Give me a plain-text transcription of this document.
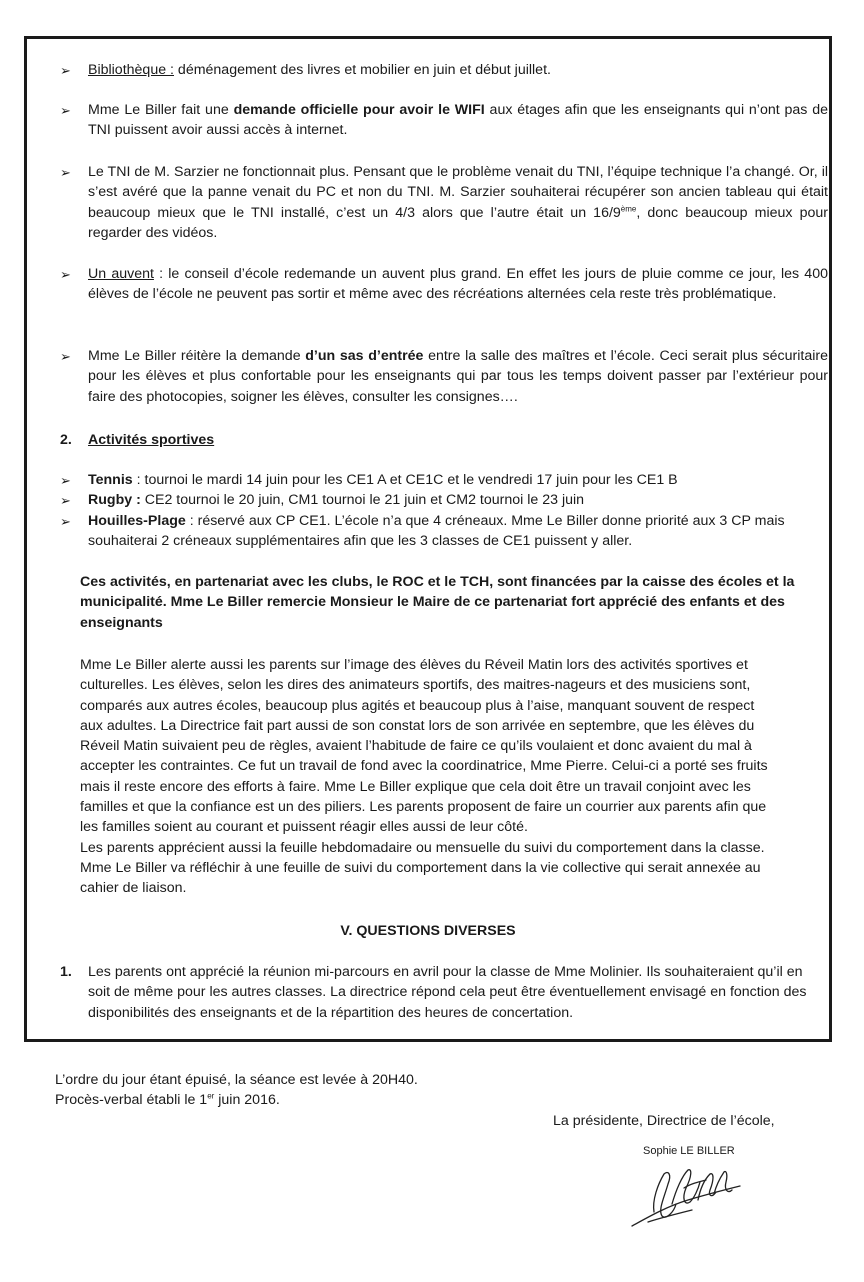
➢ Bibliothèque : déménagement des livres et mobilier en juin et début juillet.
➢ Mme Le Biller fait une demande officielle pour avoir le WIFI aux étages afin que les enseignants qui n’ont pas de TNI puissent avoir aussi accès à internet.
➢ Le TNI de M. Sarzier ne fonctionnait plus. Pensant que le problème venait du TNI, l’équipe technique l’a changé. Or, il s’est avéré que la panne venait du PC et non du TNI. M. Sarzier souhaiterai récupérer son ancien tableau qui était beaucoup mieux que le TNI installé, c’est un 4/3 alors que l’autre était un 16/9ème, donc beaucoup mieux pour regarder des vidéos.
➢ Un auvent : le conseil d’école redemande un auvent plus grand. En effet les jours de pluie comme ce jour, les 400 élèves de l’école ne peuvent pas sortir et même avec des récréations alternées cela reste très problématique.
➢ Mme Le Biller réitère la demande d’un sas d’entrée entre la salle des maîtres et l’école. Ceci serait plus sécuritaire pour les élèves et plus confortable pour les enseignants qui par tous les temps doivent passer par l’extérieur pour faire des photocopies, soigner les élèves, consulter les consignes….
2. Activités sportives
➢ Tennis : tournoi le mardi 14 juin pour les CE1 A et CE1C et le vendredi 17 juin pour les CE1 B
➢ Rugby : CE2 tournoi le 20 juin, CM1 tournoi le 21 juin et CM2 tournoi le 23 juin
➢ Houilles-Plage : réservé aux CP CE1. L’école n’a que 4 créneaux. Mme Le Biller donne priorité aux 3 CP mais souhaiterai 2 créneaux supplémentaires afin que les 3 classes de CE1 puissent y aller.
Ces activités, en partenariat avec les clubs, le ROC et le TCH, sont financées par la caisse des écoles et la municipalité. Mme Le Biller remercie Monsieur le Maire de ce partenariat fort apprécié des enfants et des enseignants
Mme Le Biller alerte aussi les parents sur l’image des élèves du Réveil Matin lors des activités sportives et
culturelles. Les élèves, selon les dires des animateurs sportifs, des maitres-nageurs et des musiciens sont,
comparés aux autres écoles, beaucoup plus agités et beaucoup plus à l’aise, manquant souvent de respect
aux adultes. La Directrice fait part aussi de son constat lors de son arrivée en septembre, que les élèves du
Réveil Matin suivaient peu de règles, avaient l’habitude de faire ce qu’ils voulaient et donc avaient du mal à
accepter les contraintes. Ce fut un travail de fond avec la coordinatrice, Mme Pierre. Celui-ci a porté ses fruits
mais il reste encore des efforts à faire. Mme Le Biller explique que cela doit être un travail conjoint avec les
familles et que la confiance est un des piliers. Les parents proposent de faire un courrier aux parents afin que
les familles soient au courant et puissent réagir elles aussi de leur côté.
Les parents apprécient aussi la feuille hebdomadaire ou mensuelle du suivi du comportement dans la classe.
Mme Le Biller va réfléchir à une feuille de suivi du comportement dans la vie collective qui serait annexée au
cahier de liaison.
V. QUESTIONS DIVERSES
1. Les parents ont apprécié la réunion mi-parcours en avril pour la classe de Mme Molinier. Ils souhaiteraient qu’il en soit de même pour les autres classes. La directrice répond cela peut être éventuellement envisagé en fonction des disponibilités des enseignants et de la répartition des heures de concertation.
L’ordre du jour étant épuisé, la séance est levée à 20H40.
Procès-verbal établi le 1er juin 2016.
La présidente, Directrice de l’école,
Sophie LE BILLER
